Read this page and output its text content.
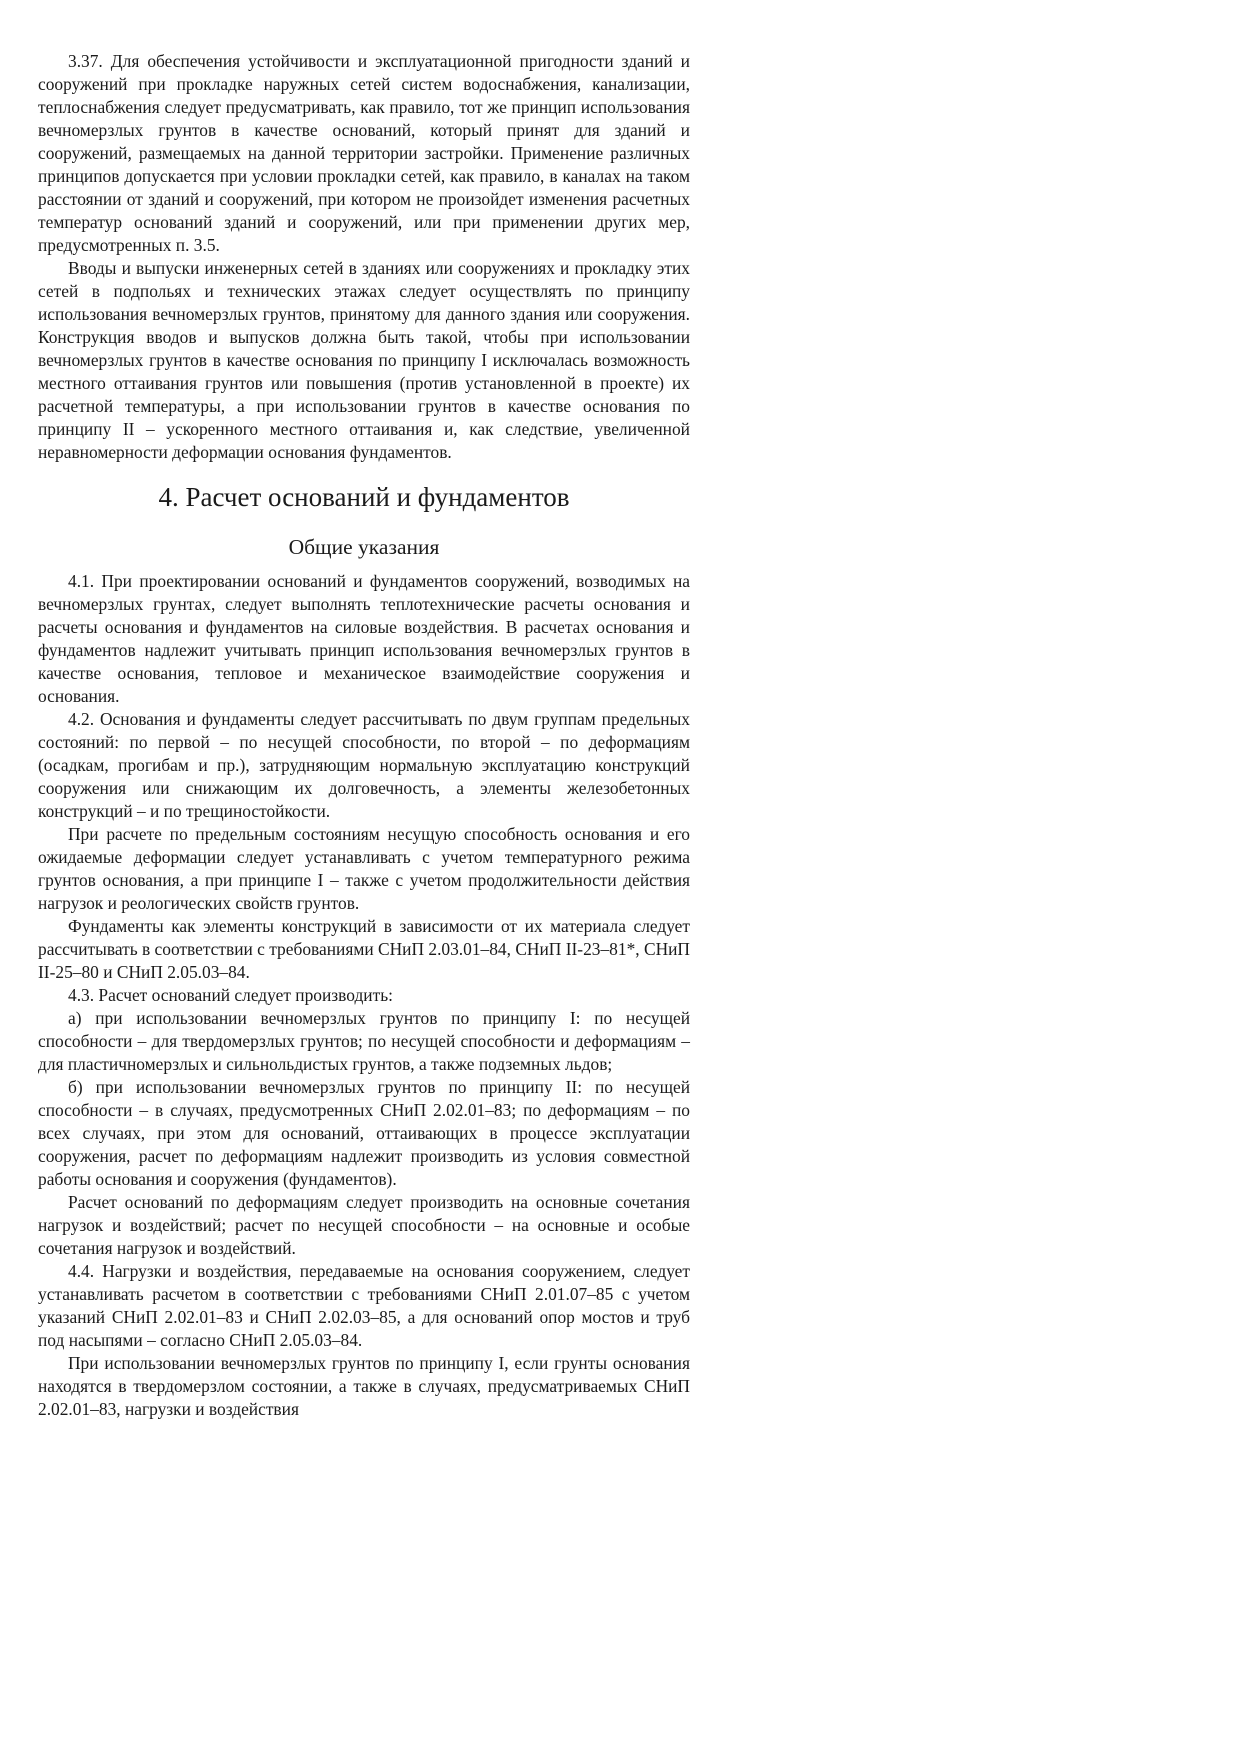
3.37. Для обеспечения устойчивости и эксплуатационной пригодности зданий и сооружений при прокладке наружных сетей систем водоснабжения, канализации, теплоснабжения следует предусматривать, как правило, тот же принцип использования вечномерзлых грунтов в качестве оснований, который принят для зданий и сооружений, размещаемых на данной территории застройки. Применение различных принципов допускается при условии прокладки сетей, как правило, в каналах на таком расстоянии от зданий и сооружений, при котором не произойдет изменения расчетных температур оснований зданий и сооружений, или при применении других мер, предусмотренных п. 3.5.

Вводы и выпуски инженерных сетей в зданиях или сооружениях и прокладку этих сетей в подпольях и технических этажах следует осуществлять по принципу использования вечномерзлых грунтов, принятому для данного здания или сооружения. Конструкция вводов и выпусков должна быть такой, чтобы при использовании вечномерзлых грунтов в качестве основания по принципу I исключалась возможность местного оттаивания грунтов или повышения (против установленной в проекте) их расчетной температуры, а при использовании грунтов в качестве основания по принципу II – ускоренного местного оттаивания и, как следствие, увеличенной неравномерности деформации основания фундаментов.

4. Расчет оснований и фундаментов
Общие указания

4.1. При проектировании оснований и фундаментов сооружений, возводимых на вечномерзлых грунтах, следует выполнять теплотехнические расчеты основания и расчеты основания и фундаментов на силовые воздействия. В расчетах основания и фундаментов надлежит учитывать принцип использования вечномерзлых грунтов в качестве основания, тепловое и механическое взаимодействие сооружения и основания.

4.2. Основания и фундаменты следует рассчитывать по двум группам предельных состояний: по первой – по несущей способности, по второй – по деформациям (осадкам, прогибам и пр.), затрудняющим нормальную эксплуатацию конструкций сооружения или снижающим их долговечность, а элементы железобетонных конструкций – и по трещиностойкости.

При расчете по предельным состояниям несущую способность основания и его ожидаемые деформации следует устанавливать с учетом температурного режима грунтов основания, а при принципе I – также с учетом продолжительности действия нагрузок и реологических свойств грунтов.

Фундаменты как элементы конструкций в зависимости от их материала следует рассчитывать в соответствии с требованиями СНиП 2.03.01–84, СНиП II-23–81*, СНиП II-25–80 и СНиП 2.05.03–84.

4.3. Расчет оснований следует производить:

а) при использовании вечномерзлых грунтов по принципу I: по несущей способности – для твердомерзлых грунтов; по несущей способности и деформациям – для пластичномерзлых и сильнольдистых грунтов, а также подземных льдов;

б) при использовании вечномерзлых грунтов по принципу II: по несущей способности – в случаях, предусмотренных СНиП 2.02.01–83; по деформациям – по всех случаях, при этом для оснований, оттаивающих в процессе эксплуатации сооружения, расчет по деформациям надлежит производить из условия совместной работы основания и сооружения (фундаментов).

Расчет оснований по деформациям следует производить на основные сочетания нагрузок и воздействий; расчет по несущей способности – на основные и особые сочетания нагрузок и воздействий.

4.4. Нагрузки и воздействия, передаваемые на основания сооружением, следует устанавливать расчетом в соответствии с требованиями СНиП 2.01.07–85 с учетом указаний СНиП 2.02.01–83 и СНиП 2.02.03–85, а для оснований опор мостов и труб под насыпями – согласно СНиП 2.05.03–84.

При использовании вечномерзлых грунтов по принципу I, если грунты основания находятся в твердомерзлом состоянии, а также в случаях, предусматриваемых СНиП 2.02.01–83, нагрузки и воздействия
